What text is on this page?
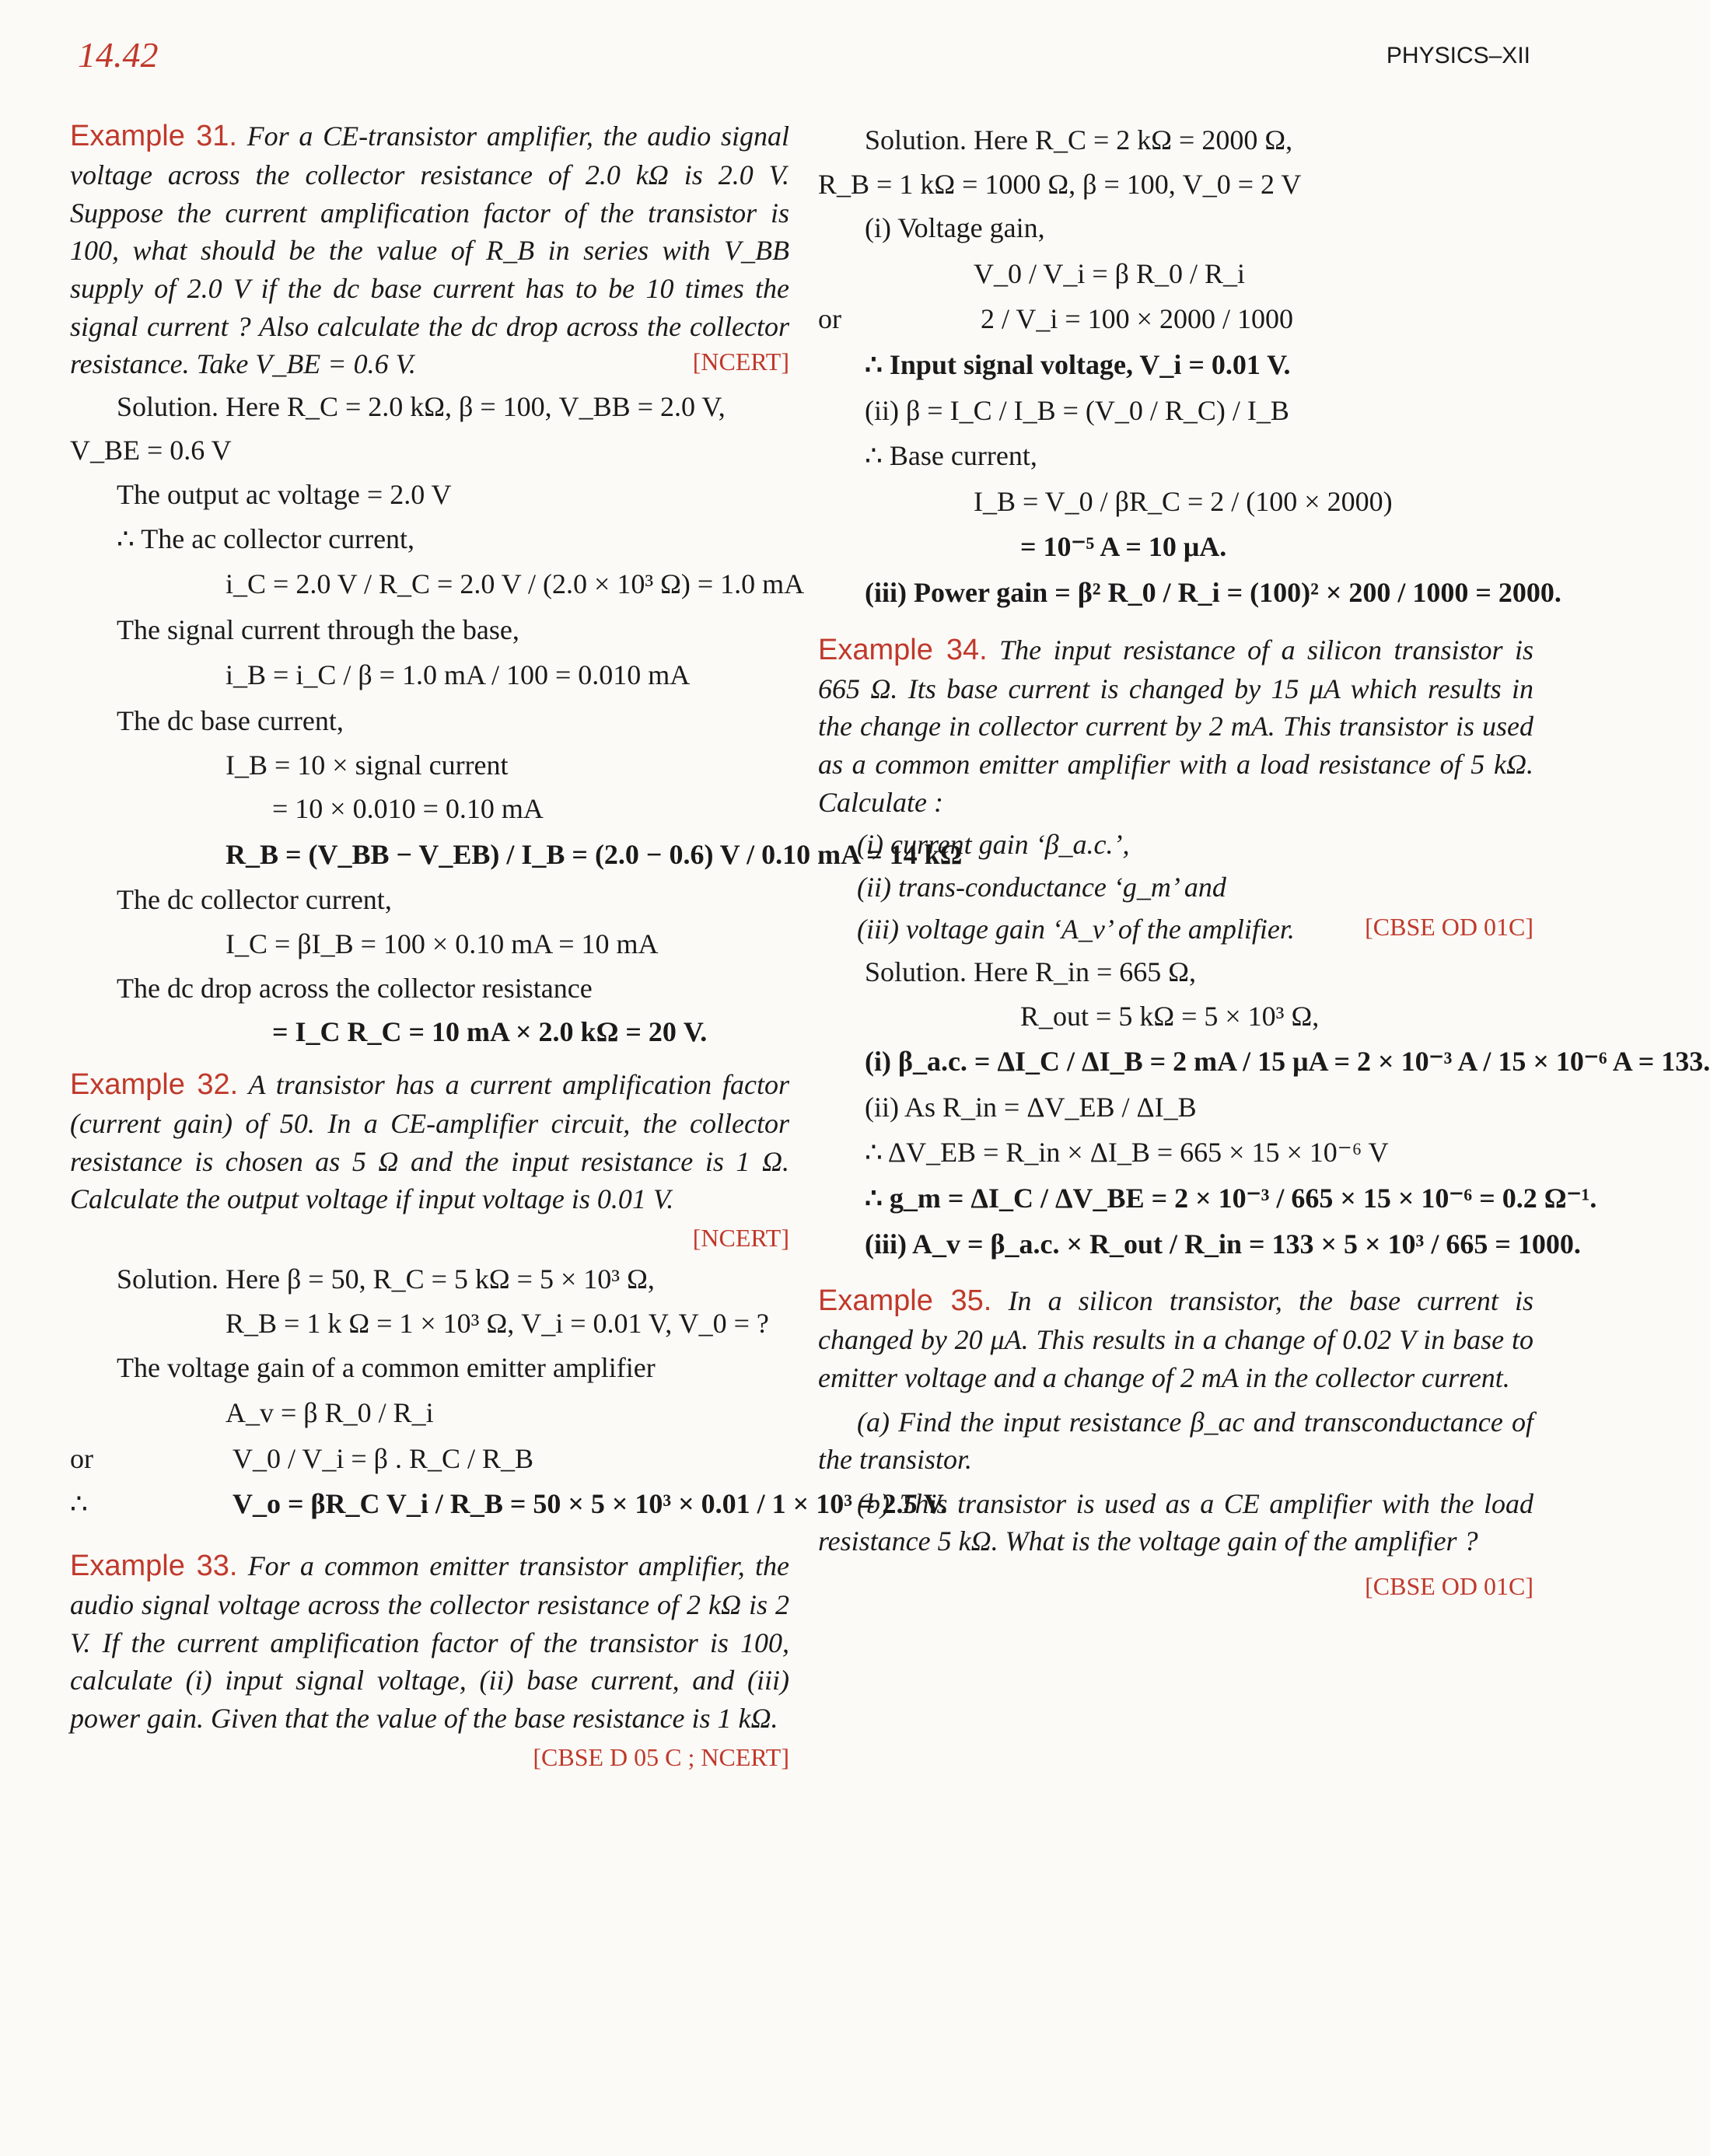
14.42	PHYSICS–XII
Example 31. For a CE-transistor amplifier, the audio signal voltage across the collector resistance of 2.0 kΩ is 2.0 V. Suppose the current amplification factor of the transistor is 100, what should be the value of R_B in series with V_BB supply of 2.0 V if the dc base current has to be 10 times the signal current ? Also calculate the dc drop across the collector resistance. Take V_BE = 0.6 V.	[NCERT]
Solution. Here R_C = 2.0 kΩ, β = 100, V_BB = 2.0 V,
V_BE = 0.6 V
The output ac voltage = 2.0 V
∴ The ac collector current,
i_C = 2.0 V / R_C = 2.0 V / (2.0 × 10³ Ω) = 1.0 mA
The signal current through the base,
i_B = i_C / β = 1.0 mA / 100 = 0.010 mA
The dc base current,
I_B = 10 × signal current
= 10 × 0.010 = 0.10 mA
R_B = (V_BB − V_EB) / I_B = (2.0 − 0.6) V / 0.10 mA = 14 kΩ
The dc collector current,
I_C = βI_B = 100 × 0.10 mA = 10 mA
The dc drop across the collector resistance
= I_C R_C = 10 mA × 2.0 kΩ = 20 V.
Example 32. A transistor has a current amplification factor (current gain) of 50. In a CE-amplifier circuit, the collector resistance is chosen as 5 Ω and the input resistance is 1 Ω. Calculate the output voltage if input voltage is 0.01 V.
[NCERT]
Solution. Here β = 50, R_C = 5 kΩ = 5 × 10³ Ω,
R_B = 1 k Ω = 1 × 10³ Ω, V_i = 0.01 V, V_0 = ?
The voltage gain of a common emitter amplifier
A_v = β R_0 / R_i
or	V_0 / V_i = β . R_C / R_B
∴	V_o = βR_C V_i / R_B = 50 × 5 × 10³ × 0.01 / 1 × 10³ = 2.5 V.
Example 33. For a common emitter transistor amplifier, the audio signal voltage across the collector resistance of 2 kΩ is 2 V. If the current amplification factor of the transistor is 100, calculate (i) input signal voltage, (ii) base current, and (iii) power gain. Given that the value of the base resistance is 1 kΩ.
[CBSE D 05 C ; NCERT]
Solution. Here R_C = 2 kΩ = 2000 Ω,
R_B = 1 kΩ = 1000 Ω, β = 100, V_0 = 2 V
(i) Voltage gain,
V_0 / V_i = β R_0 / R_i
or	2 / V_i = 100 × 2000 / 1000
∴ Input signal voltage, V_i = 0.01 V.
(ii) β = I_C / I_B = (V_0 / R_C) / I_B
∴ Base current,
I_B = V_0 / βR_C = 2 / (100 × 2000)
= 10⁻⁵ A = 10 μA.
(iii) Power gain = β² R_0 / R_i = (100)² × 200 / 1000 = 2000.
Example 34. The input resistance of a silicon transistor is 665 Ω. Its base current is changed by 15 μA which results in the change in collector current by 2 mA. This transistor is used as a common emitter amplifier with a load resistance of 5 kΩ. Calculate :
(i) current gain ‘β_a.c.’,
(ii) trans-conductance ‘g_m’ and
(iii) voltage gain ‘A_v’ of the amplifier.	[CBSE OD 01C]
Solution. Here R_in = 665 Ω,
R_out = 5 kΩ = 5 × 10³ Ω,
(i) β_a.c. = ΔI_C / ΔI_B = 2 mA / 15 μA = 2 × 10⁻³ A / 15 × 10⁻⁶ A = 133.
(ii) As R_in = ΔV_EB / ΔI_B
∴ ΔV_EB = R_in × ΔI_B = 665 × 15 × 10⁻⁶ V
∴ g_m = ΔI_C / ΔV_BE = 2 × 10⁻³ / 665 × 15 × 10⁻⁶ = 0.2 Ω⁻¹.
(iii) A_v = β_a.c. × R_out / R_in = 133 × 5 × 10³ / 665 = 1000.
Example 35. In a silicon transistor, the base current is changed by 20 μA. This results in a change of 0.02 V in base to emitter voltage and a change of 2 mA in the collector current.
(a) Find the input resistance β_ac and transconductance of the transistor.
(b) This transistor is used as a CE amplifier with the load resistance 5 kΩ. What is the voltage gain of the amplifier ?
[CBSE OD 01C]
